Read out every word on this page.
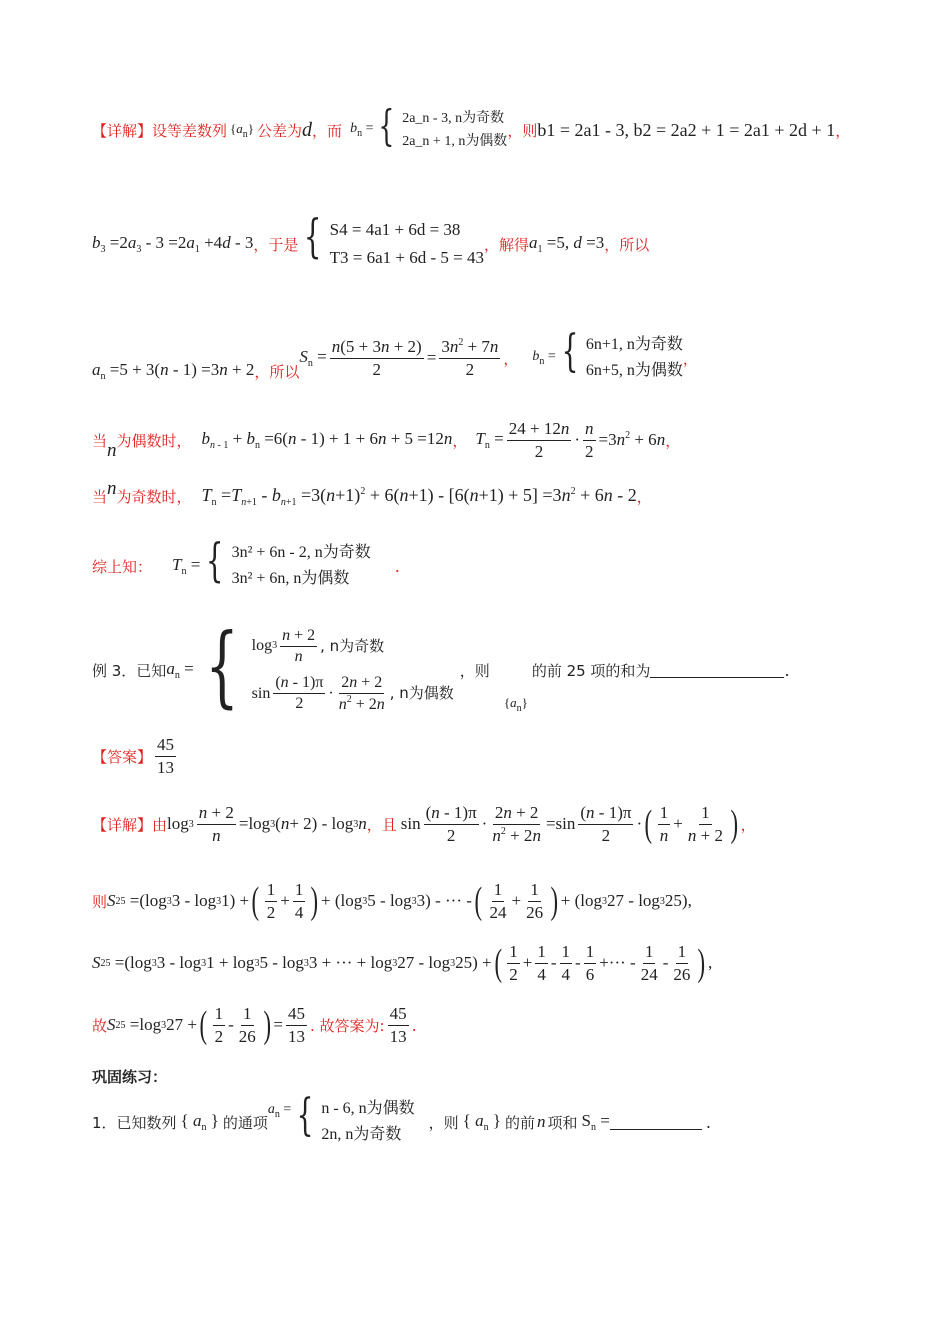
【详解】 设等差数列 $\{a_n\}$ 公差为 d ，而 $b_n$ = { 2a_n - 3, n为奇数
2a_n + 1, n为偶数
，则 b1 = 2a1 - 3, b2 = 2a2 + 1 = 2a1 + 2d + 1 ，
$b_3 =2a_3 - 3 =2a_1 +4d - 3$ ，于是 { S4 = 4a1 + 6d = 38
T3 = 6a1 + 6d - 5 = 43
，解得 $a_1 =5$, d =3 ，所以
$a_n =5 + 3(n - 1) =3n + 2$ ，所以
$S_n = \frac{n(5 + 3n + 2)}{2} = \frac{3n^2 + 7n}{2}$ ， $b_n$ = { 6n+1, n为奇数
6n+5, n为偶数
，
当 n 为偶数时， $b_{n - 1} + b_n =6(n - 1) + 1 + 6n + 5 =12n$ ， $T_n = \frac{24 + 12n}{2} \cdot \frac{n}{2} =3n^2 + 6n$ ，
当 n 为奇数时， $T_n =T_{n+1} - b_{n+1} =3(n+1)^2 + 6(n+1) - [6(n+1) + 5] =3n^2 + 6n - 2$ ，
综上知： $T_n$ = { 3n² + 6n - 2, n为奇数
3n² + 6n, n为偶数
.
例 3．已知 $a_n$ = { $\log 3 \frac{n + 2}{n}$ , n为奇数
$\sin \frac{(n - 1)\pi}{2} \cdot \frac{2n + 2}{n^2 + 2n}$ , n为偶数
，则
$\{a_n\}$
的前 25 项的和为	.
【答案】 $\frac{45}{13}$
【详解】 由 $\log 3 \frac{n + 2}{n} =\log$ 3 ( n + 2) - log 3 n ，且 $\sin \frac{(n - 1)\pi}{2} \cdot \frac{2n + 2}{n^2 + 2n} =\sin \frac{(n - 1)\pi}{2}$ · ( $\frac{1}{n} + \frac{1}{n + 2}$ ) ，
则 S 25 =(log 3 3 - log 3 1) + ( $\frac{1}{2} + \frac{1}{4}$ ) + (log 3 5 - log 3 3) - ··· - ( $\frac{1}{24} + \frac{1}{26}$ ) + (log 3 27 - log 3 25),
S 25 =(log 3 3 - log 3 1 + log 3 5 - log 3 3 + ··· + log 3 27 - log 3 25) + ( $\frac{1}{2} + \frac{1}{4} - \frac{1}{4} - \frac{1}{6}$ +··· - $\frac{1}{24} - \frac{1}{26}$ ) ,
故 S 25 =log 3 27 + ( $\frac{1}{2} - \frac{1}{26}$ ) = $\frac{45}{13}$ . 故答案为: $\frac{45}{13}$ .
巩固练习：
1．已知数列 { $a_n$ } 的通项
$a_n$ = { n - 6, n为偶数
2n, n为奇数
，则 { $a_n$ } 的前 n 项和 $S_n$ =	.
